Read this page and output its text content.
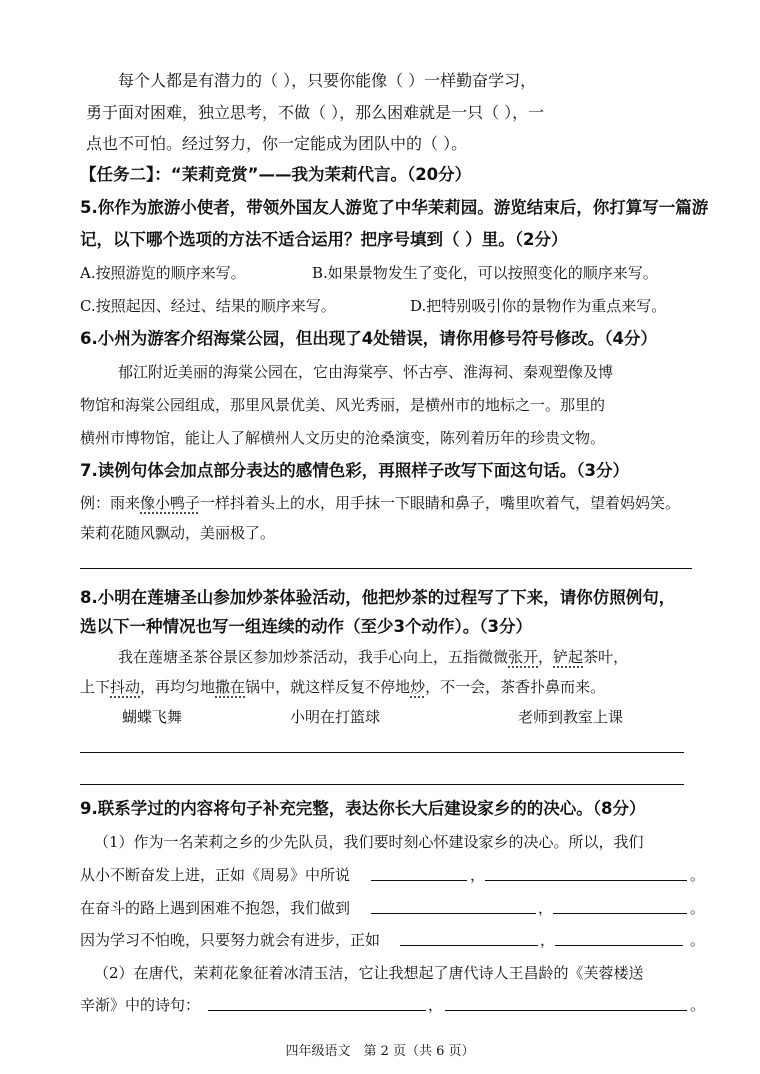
每个人都是有潜力的（ ），只要你能像（ ）一样勤奋学习，
勇于面对困难，独立思考，不做（ ），那么困难就是一只（ ），一
点也不可怕。经过努力，你一定能成为团队中的（ ）。
【任务二】：“茉莉竞赏”——我为茉莉代言。（20分）
5.你作为旅游小使者，带领外国友人游览了中华茉莉园。游览结束后，你打算写一篇游
记，以下哪个选项的方法不适合运用？把序号填到（ ）里。（2分）
A.按照游览的顺序来写。	B.如果景物发生了变化，可以按照变化的顺序来写。
C.按照起因、经过、结果的顺序来写。	D.把特别吸引你的景物作为重点来写。
6.小州为游客介绍海棠公园，但出现了4处错误，请你用修号符号修改。（4分）
郁江附近美丽的海棠公园在，它由海棠亭、怀古亭、淮海祠、秦观塑像及博
物馆和海棠公园组成，那里风景优美、风光秀丽，是横州市的地标之一。那里的
横州市博物馆，能让人了解横州人文历史的沧桑演变，陈列着历年的珍贵文物。
7.读例句体会加点部分表达的感情色彩，再照样子改写下面这句话。（3分）
例：雨来像小鸭子一样抖着头上的水，用手抹一下眼睛和鼻子，嘴里吹着气，望着妈妈笑。
茉莉花随风飘动，美丽极了。
8.小明在莲塘圣山参加炒茶体验活动，他把炒茶的过程写了下来，请你仿照例句，
选以下一种情况也写一组连续的动作（至少3个动作）。（3分）
我在莲塘圣茶谷景区参加炒茶活动，我手心向上，五指微微张开，铲起茶叶，
上下抖动，再均匀地撒在锅中，就这样反复不停地炒，不一会，茶香扑鼻而来。
蝴蝶飞舞	小明在打篮球	老师到教室上课
9.联系学过的内容将句子补充完整，表达你长大后建设家乡的的决心。（8分）
（1）作为一名茉莉之乡的少先队员，我们要时刻心怀建设家乡的决心。所以，我们
从小不断奋发上进，正如《周易》中所说	，	。
在奋斗的路上遇到困难不抱怨，我们做到	，	。
因为学习不怕晚，只要努力就会有进步，正如	，	。
（2）在唐代，茉莉花象征着冰清玉洁，它让我想起了唐代诗人王昌龄的《芙蓉楼送
辛渐》中的诗句：	，	。
四年级语文　第 2 页（共 6 页）
